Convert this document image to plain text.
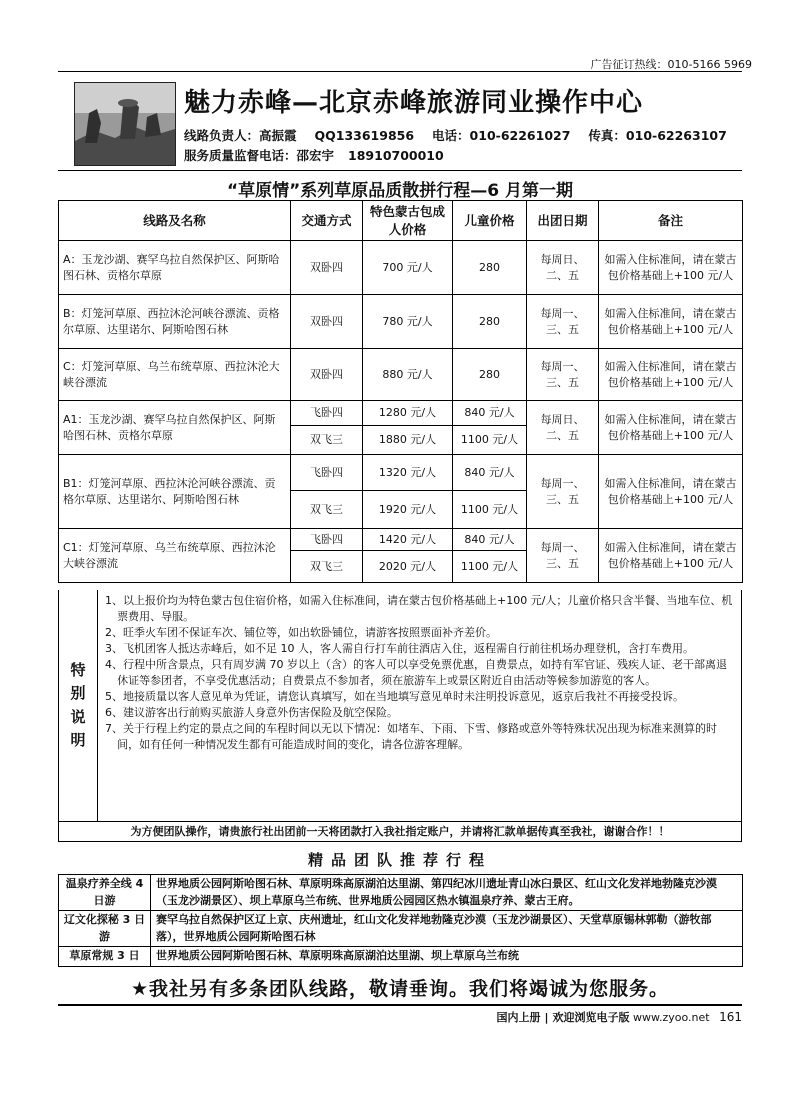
广告征订热线：010-5166 5969
魅力赤峰—北京赤峰旅游同业操作中心
线路负责人：高振霞 QQ133619856 电话：010-62261027 传真：010-62263107
服务质量监督电话：邵宏宇 18910700010
“草原情”系列草原品质散拼行程—6 月第一期
线路及名称	交通方式	特色蒙古包成人价格	儿童价格	出团日期	备注
A：玉龙沙湖、赛罕乌拉自然保护区、阿斯哈图石林、贡格尔草原	双卧四	700 元/人	280	每周日、二、五	如需入住标准间，请在蒙古包价格基础上+100 元/人
B：灯笼河草原、西拉沐沦河峡谷漂流、贡格尔草原、达里诺尔、阿斯哈图石林	双卧四	780 元/人	280	每周一、三、五	如需入住标准间，请在蒙古包价格基础上+100 元/人
C：灯笼河草原、乌兰布统草原、西拉沐沦大峡谷漂流	双卧四	880 元/人	280	每周一、三、五	如需入住标准间，请在蒙古包价格基础上+100 元/人
A1：玉龙沙湖、赛罕乌拉自然保护区、阿斯哈图石林、贡格尔草原	飞卧四	1280 元/人	840 元/人	每周日、二、五	如需入住标准间，请在蒙古包价格基础上+100 元/人
	双飞三	1880 元/人	1100 元/人		
B1：灯笼河草原、西拉沐沦河峡谷漂流、贡格尔草原、达里诺尔、阿斯哈图石林	飞卧四	1320 元/人	840 元/人	每周一、三、五	如需入住标准间，请在蒙古包价格基础上+100 元/人
	双飞三	1920 元/人	1100 元/人		
C1：灯笼河草原、乌兰布统草原、西拉沐沦大峡谷漂流	飞卧四	1420 元/人	840 元/人	每周一、三、五	如需入住标准间，请在蒙古包价格基础上+100 元/人
	双飞三	2020 元/人	1100 元/人		
特
别
说
明
1、以上报价均为特色蒙古包住宿价格，如需入住标准间，请在蒙古包价格基础上+100 元/人；儿童价格只含半餐、当地车位、机票费用、导服。
2、旺季火车团不保证车次、铺位等，如出软卧铺位，请游客按照票面补齐差价。
3、飞机团客人抵达赤峰后，如不足 10 人，客人需自行打车前往酒店入住，返程需自行前往机场办理登机，含打车费用。
4、行程中所含景点，只有周岁满 70 岁以上（含）的客人可以享受免票优惠，自费景点，如持有军官证、残疾人证、老干部离退休证等参团者，不享受优惠活动；自费景点不参加者，须在旅游车上或景区附近自由活动等候参加游览的客人。
5、地接质量以客人意见单为凭证，请您认真填写，如在当地填写意见单时未注明投诉意见，返京后我社不再接受投诉。
6、建议游客出行前购买旅游人身意外伤害保险及航空保险。
7、关于行程上约定的景点之间的车程时间以无以下情况：如堵车、下雨、下雪、修路或意外等特殊状况出现为标准来测算的时间，如有任何一种情况发生都有可能造成时间的变化，请各位游客理解。
为方便团队操作，请贵旅行社出团前一天将团款打入我社指定账户，并请将汇款单据传真至我社，谢谢合作！！
精品团队推荐行程
温泉疗养全线 4 日游	世界地质公园阿斯哈图石林、草原明珠高原湖泊达里湖、第四纪冰川遗址青山冰臼景区、红山文化发祥地勃隆克沙漠（玉龙沙湖景区）、坝上草原乌兰布统、世界地质公园园区热水镇温泉疗养、蒙古王府。
辽文化探秘 3 日游	赛罕乌拉自然保护区辽上京、庆州遗址，红山文化发祥地勃隆克沙漠（玉龙沙湖景区）、天堂草原锡林郭勒（游牧部落），世界地质公园阿斯哈图石林
草原常规 3 日	世界地质公园阿斯哈图石林、草原明珠高原湖泊达里湖、坝上草原乌兰布统
★我社另有多条团队线路，敬请垂询。我们将竭诚为您服务。
国内上册 | 欢迎浏览电子版 www.zyoo.net 161
